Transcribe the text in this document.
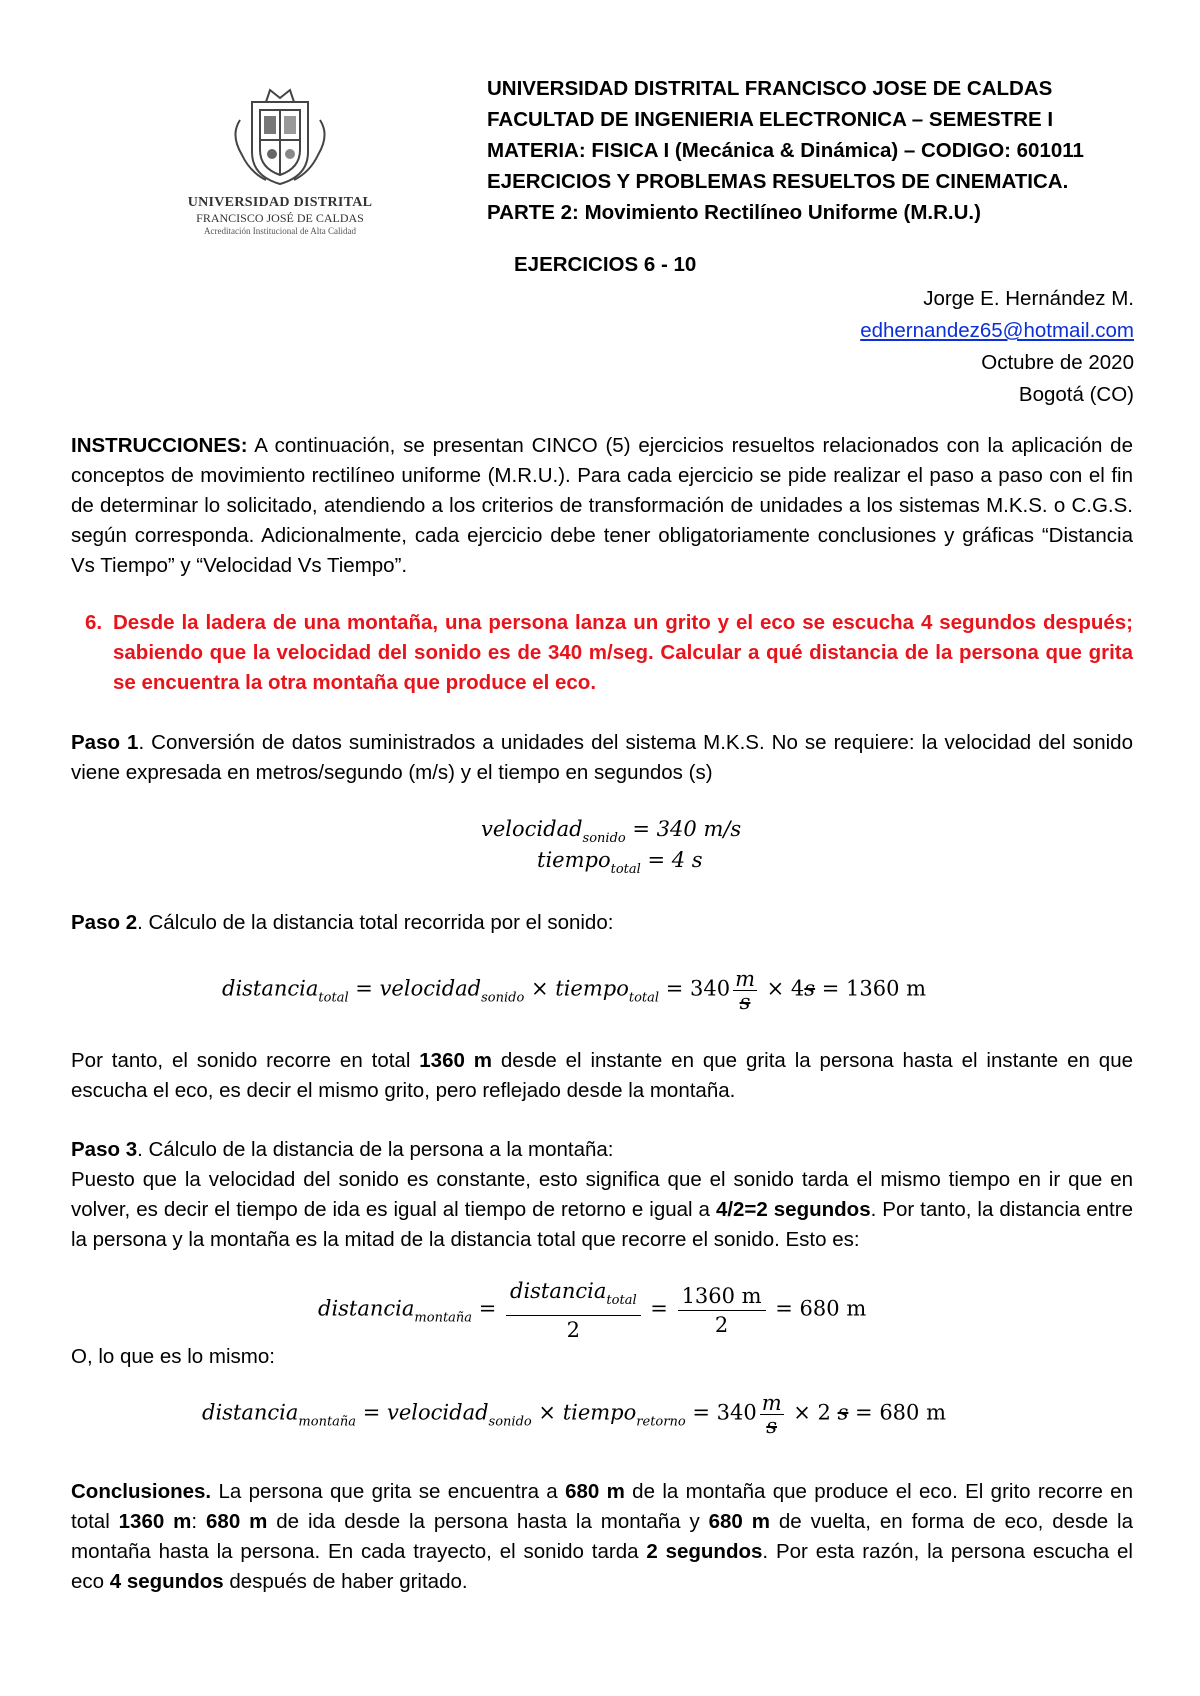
UNIVERSIDAD DISTRITAL
FRANCISCO JOSÉ DE CALDAS
Acreditación Institucional de Alta Calidad
UNIVERSIDAD DISTRITAL FRANCISCO JOSE DE CALDAS
FACULTAD DE INGENIERIA ELECTRONICA – SEMESTRE I
MATERIA: FISICA I (Mecánica & Dinámica) – CODIGO: 601011
EJERCICIOS Y PROBLEMAS RESUELTOS DE CINEMATICA.
PARTE 2: Movimiento Rectilíneo Uniforme (M.R.U.)
EJERCICIOS 6 - 10
Jorge E. Hernández M.
edhernandez65@hotmail.com
Octubre de 2020
Bogotá (CO)
INSTRUCCIONES: A continuación, se presentan CINCO (5) ejercicios resueltos relacionados con la aplicación de conceptos de movimiento rectilíneo uniforme (M.R.U.). Para cada ejercicio se pide realizar el paso a paso con el fin de determinar lo solicitado, atendiendo a los criterios de transformación de unidades a los sistemas M.K.S. o C.G.S. según corresponda. Adicionalmente, cada ejercicio debe tener obligatoriamente conclusiones y gráficas “Distancia Vs Tiempo” y “Velocidad Vs Tiempo”.
6. Desde la ladera de una montaña, una persona lanza un grito y el eco se escucha 4 segundos después; sabiendo que la velocidad del sonido es de 340 m/seg. Calcular a qué distancia de la persona que grita se encuentra la otra montaña que produce el eco.
Paso 1. Conversión de datos suministrados a unidades del sistema M.K.S. No se requiere: la velocidad del sonido viene expresada en metros/segundo (m/s) y el tiempo en segundos (s)
velocidad$_{sonido}$ = 340 m/s
tiempo$_{total}$ = 4 s
Paso 2. Cálculo de la distancia total recorrida por el sonido:
distancia$_{total}$ = velocidad$_{sonido}$ × tiempo$_{total}$ = $340 \frac{m}{s} \times 4s = 1360$ m
Por tanto, el sonido recorre en total 1360 m desde el instante en que grita la persona hasta el instante en que escucha el eco, es decir el mismo grito, pero reflejado desde la montaña.
Paso 3. Cálculo de la distancia de la persona a la montaña:
Puesto que la velocidad del sonido es constante, esto significa que el sonido tarda el mismo tiempo en ir que en volver, es decir el tiempo de ida es igual al tiempo de retorno e igual a 4/2=2 segundos. Por tanto, la distancia entre la persona y la montaña es la mitad de la distancia total que recorre el sonido. Esto es:
distancia$_{montaña}$ = $\frac{distancia_{total}}{2} = \frac{1360 m}{2} = 680$ m
O, lo que es lo mismo:
distancia$_{montaña}$ = velocidad$_{sonido}$ × tiempo$_{retorno}$ = $340 \frac{m}{s} \times 2$ s = 680 m
Conclusiones. La persona que grita se encuentra a 680 m de la montaña que produce el eco. El grito recorre en total 1360 m: 680 m de ida desde la persona hasta la montaña y 680 m de vuelta, en forma de eco, desde la montaña hasta la persona. En cada trayecto, el sonido tarda 2 segundos. Por esta razón, la persona escucha el eco 4 segundos después de haber gritado.
